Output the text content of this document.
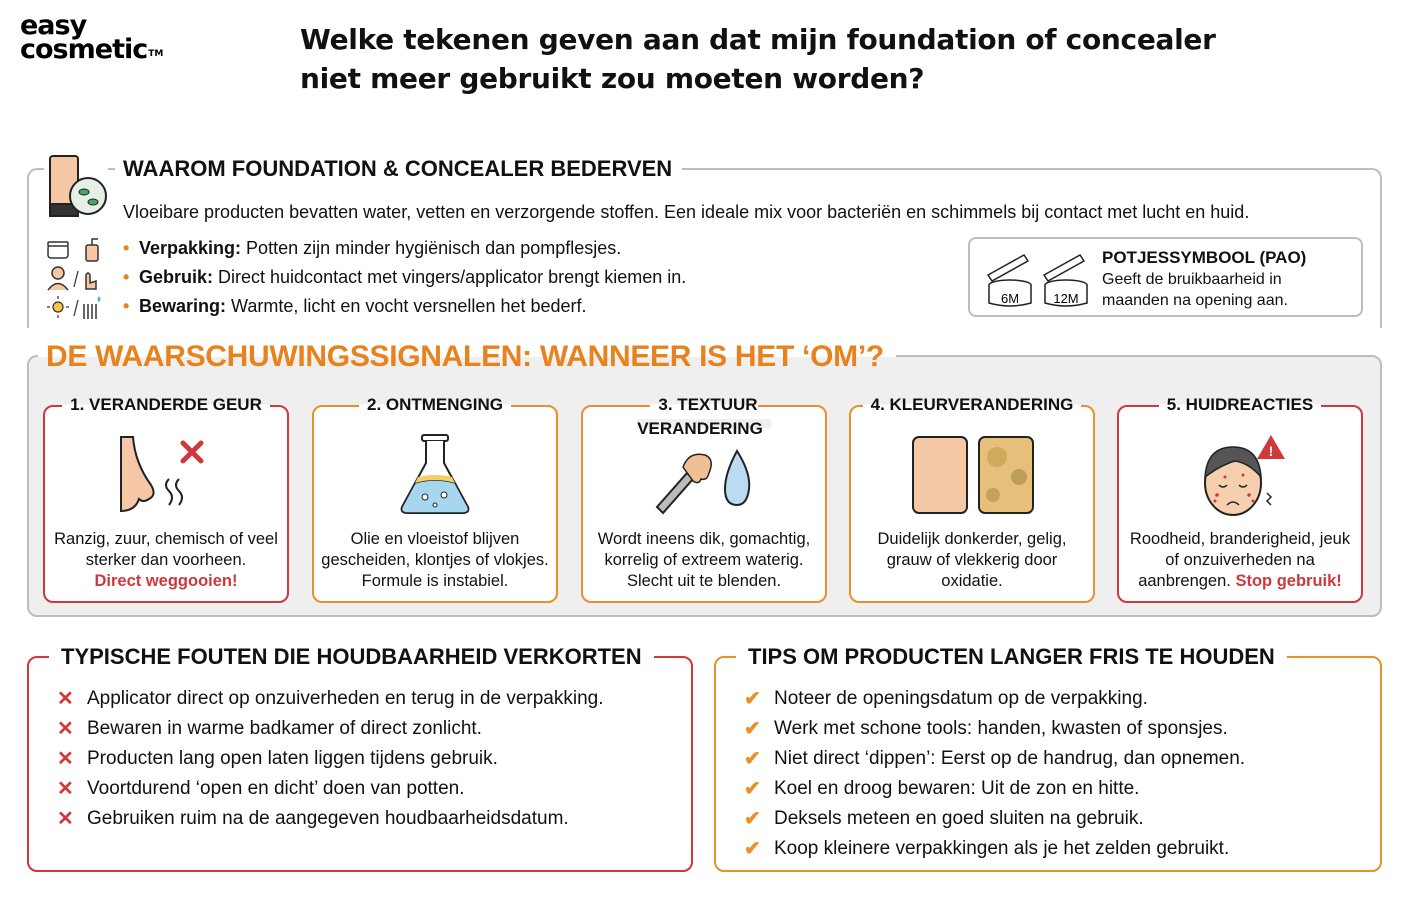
easy
cosmetic™	Welke tekenen geven aan dat mijn foundation of concealer niet meer gebruikt zou moeten worden?
WAAROM FOUNDATION & CONCEALER BEDERVEN

Vloeibare producten bevatten water, vetten en verzorgende stoffen. Een ideale mix voor bacteriën en schimmels bij contact met lucht en huid.

• Verpakking: Potten zijn minder hygiënisch dan pompflesjes.
• Gebruik: Direct huidcontact met vingers/applicator brengt kiemen in.
• Bewaring: Warmte, licht en vocht versnellen het bederf.	6M	12M
POTJESSYMBOOL (PAO)
Geeft de bruikbaarheid in maanden na opening aan.
DE WAARSCHUWINGSSIGNALEN: WANNEER IS HET ‘OM’?
1. VERANDERDE GEUR
Ranzig, zuur, chemisch of veel sterker dan voorheen.
Direct weggooien!
2. ONTMENGING
Olie en vloeistof blijven gescheiden, klontjes of vlokjes. Formule is instabiel.
3. TEXTUUR VERANDERING
Wordt ineens dik, gomachtig, korrelig of extreem waterig. Slecht uit te blenden.
4. KLEURVERANDERING
Duidelijk donkerder, gelig, grauw of vlekkerig door oxidatie.
5. HUIDREACTIES
!
Roodheid, branderigheid, jeuk of onzuiverheden na aanbrengen. Stop gebruik!
TYPISCHE FOUTEN DIE HOUDBAARHEID VERKORTEN
✕ Applicator direct op onzuiverheden en terug in de verpakking.
✕ Bewaren in warme badkamer of direct zonlicht.
✕ Producten lang open laten liggen tijdens gebruik.
✕ Voortdurend ‘open en dicht’ doen van potten.
✕ Gebruiken ruim na de aangegeven houdbaarheidsdatum.
TIPS OM PRODUCTEN LANGER FRIS TE HOUDEN
✔ Noteer de openingsdatum op de verpakking.
✔ Werk met schone tools: handen, kwasten of sponsjes.
✔ Niet direct ‘dippen’: Eerst op de handrug, dan opnemen.
✔ Koel en droog bewaren: Uit de zon en hitte.
✔ Deksels meteen en goed sluiten na gebruik.
✔ Koop kleinere verpakkingen als je het zelden gebruikt.
